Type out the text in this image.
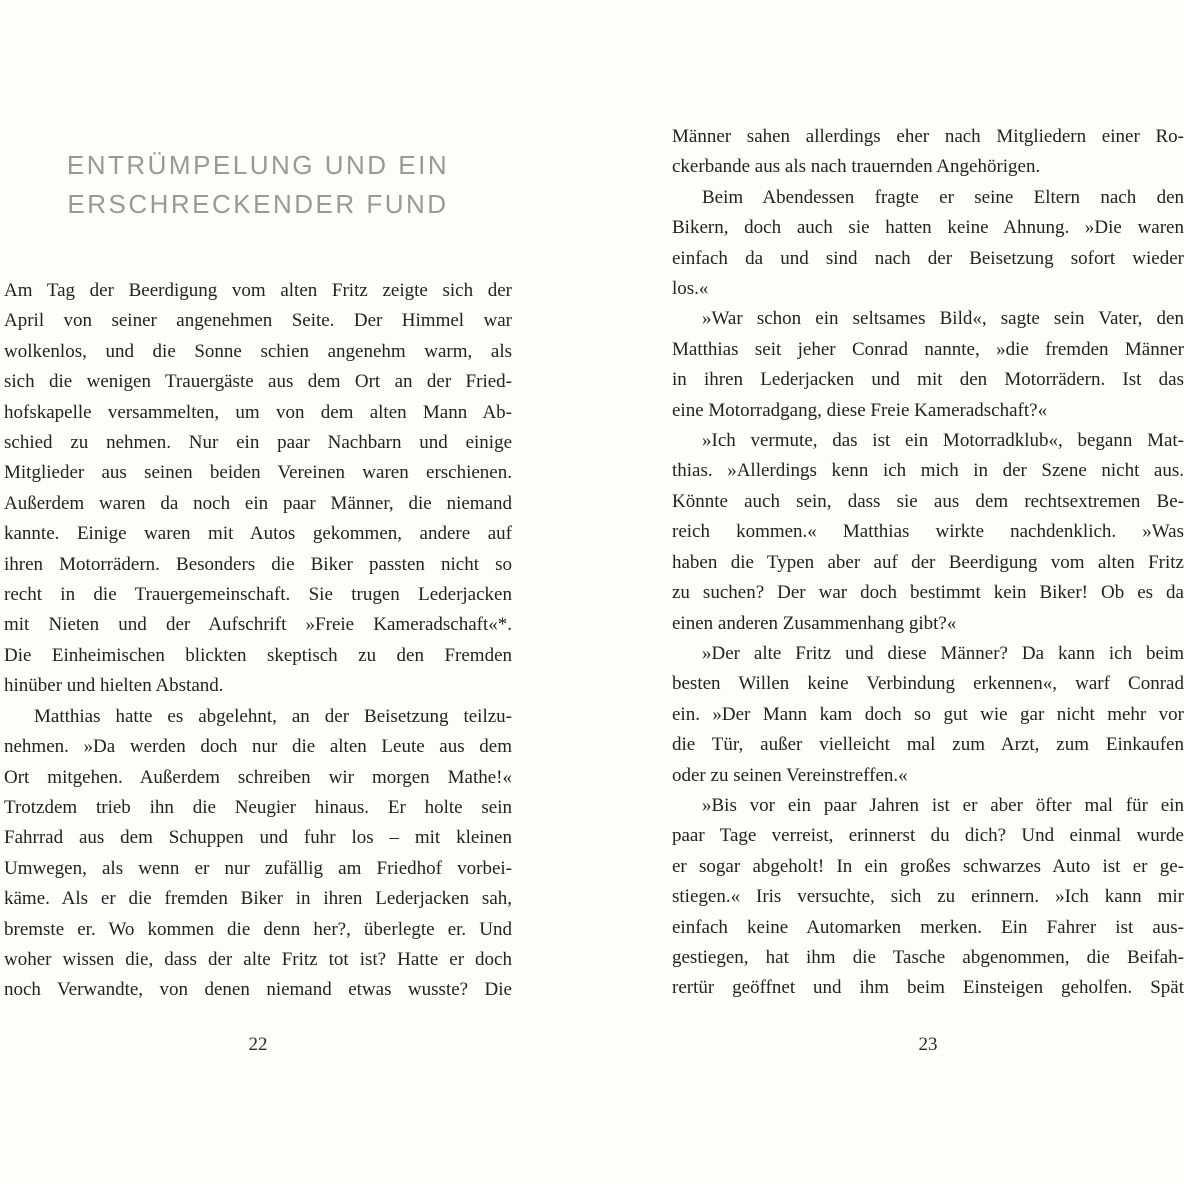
ENTRÜMPELUNG UND EIN
ERSCHRECKENDER FUND
Am Tag der Beerdigung vom alten Fritz zeigte sich der
April von seiner angenehmen Seite. Der Himmel war
wolkenlos, und die Sonne schien angenehm warm, als
sich die wenigen Trauergäste aus dem Ort an der Fried-
hofskapelle versammelten, um von dem alten Mann Ab-
schied zu nehmen. Nur ein paar Nachbarn und einige
Mitglieder aus seinen beiden Vereinen waren erschienen.
Außerdem waren da noch ein paar Männer, die niemand
kannte. Einige waren mit Autos gekommen, andere auf
ihren Motorrädern. Besonders die Biker passten nicht so
recht in die Trauergemeinschaft. Sie trugen Lederjacken
mit Nieten und der Aufschrift »Freie Kameradschaft«*.
Die Einheimischen blickten skeptisch zu den Fremden
hinüber und hielten Abstand.
Matthias hatte es abgelehnt, an der Beisetzung teilzu-
nehmen. »Da werden doch nur die alten Leute aus dem
Ort mitgehen. Außerdem schreiben wir morgen Mathe!«
Trotzdem trieb ihn die Neugier hinaus. Er holte sein
Fahrrad aus dem Schuppen und fuhr los – mit kleinen
Umwegen, als wenn er nur zufällig am Friedhof vorbei-
käme. Als er die fremden Biker in ihren Lederjacken sah,
bremste er. Wo kommen die denn her?, überlegte er. Und
woher wissen die, dass der alte Fritz tot ist? Hatte er doch
noch Verwandte, von denen niemand etwas wusste? Die
22
Männer sahen allerdings eher nach Mitgliedern einer Ro-
ckerbande aus als nach trauernden Angehörigen.
Beim Abendessen fragte er seine Eltern nach den
Bikern, doch auch sie hatten keine Ahnung. »Die waren
einfach da und sind nach der Beisetzung sofort wieder
los.«
»War schon ein seltsames Bild«, sagte sein Vater, den
Matthias seit jeher Conrad nannte, »die fremden Männer
in ihren Lederjacken und mit den Motorrädern. Ist das
eine Motorradgang, diese Freie Kameradschaft?«
»Ich vermute, das ist ein Motorradklub«, begann Mat-
thias. »Allerdings kenn ich mich in der Szene nicht aus.
Könnte auch sein, dass sie aus dem rechtsextremen Be-
reich kommen.« Matthias wirkte nachdenklich. »Was
haben die Typen aber auf der Beerdigung vom alten Fritz
zu suchen? Der war doch bestimmt kein Biker! Ob es da
einen anderen Zusammenhang gibt?«
»Der alte Fritz und diese Männer? Da kann ich beim
besten Willen keine Verbindung erkennen«, warf Conrad
ein. »Der Mann kam doch so gut wie gar nicht mehr vor
die Tür, außer vielleicht mal zum Arzt, zum Einkaufen
oder zu seinen Vereinstreffen.«
»Bis vor ein paar Jahren ist er aber öfter mal für ein
paar Tage verreist, erinnerst du dich? Und einmal wurde
er sogar abgeholt! In ein großes schwarzes Auto ist er ge-
stiegen.« Iris versuchte, sich zu erinnern. »Ich kann mir
einfach keine Automarken merken. Ein Fahrer ist aus-
gestiegen, hat ihm die Tasche abgenommen, die Beifah-
rertür geöffnet und ihm beim Einsteigen geholfen. Spät
23
